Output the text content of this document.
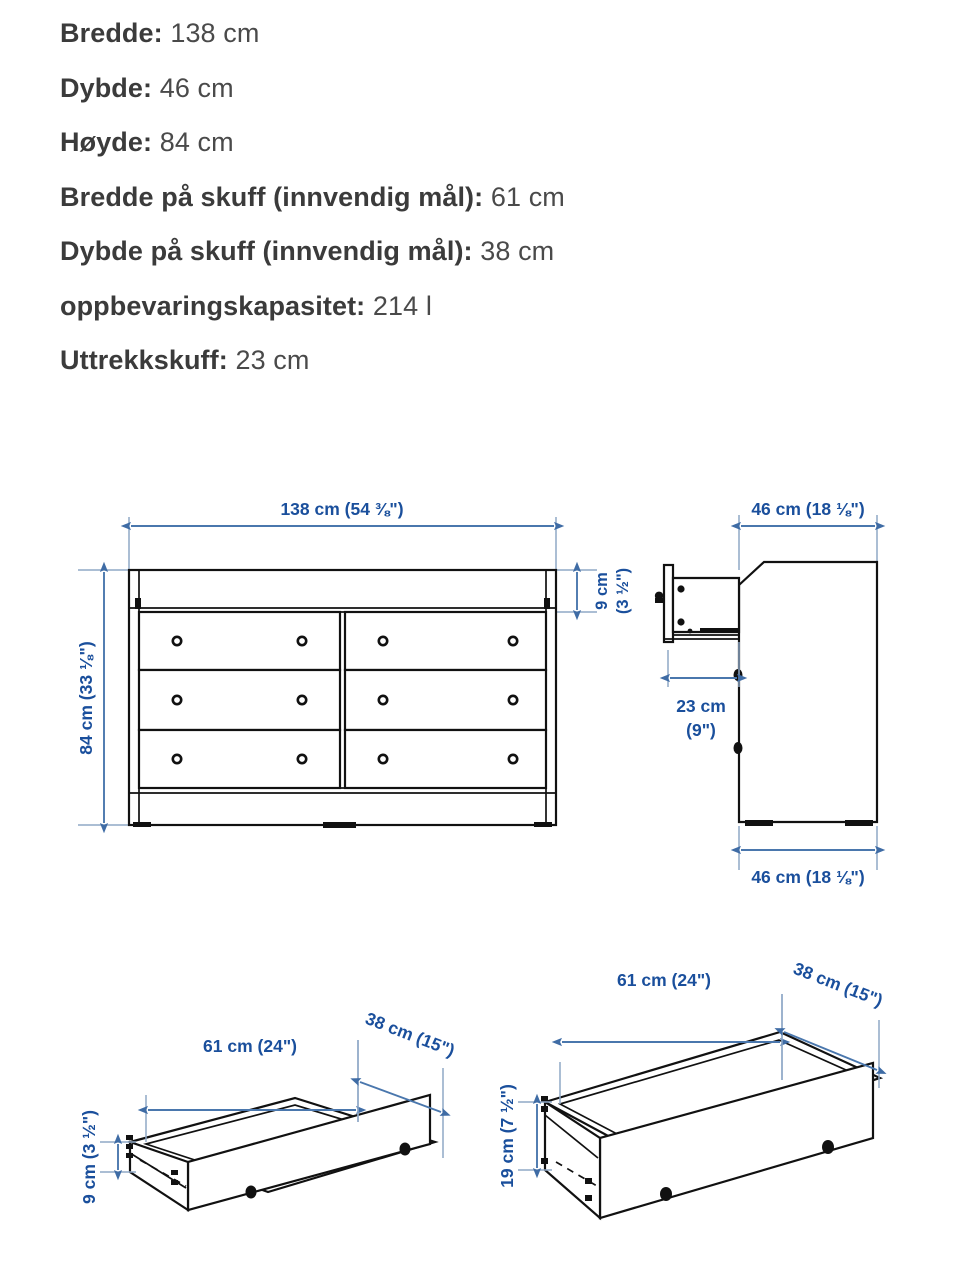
Bredde: 138 cm
Dybde: 46 cm
Høyde: 84 cm
Bredde på skuff (innvendig mål): 61 cm
Dybde på skuff (innvendig mål): 38 cm
oppbevaringskapasitet: 214 l
Uttrekkskuff: 23 cm
138 cm (54 ⅜")
84 cm (33 ⅛")
9 cm (3 ½")
46 cm (18 ⅛")
23 cm
(9")
46 cm (18 ⅛")
61 cm (24")	38 cm (15")
9 cm (3 ½")
61 cm (24")	38 cm (15")
19 cm (7 ½")
